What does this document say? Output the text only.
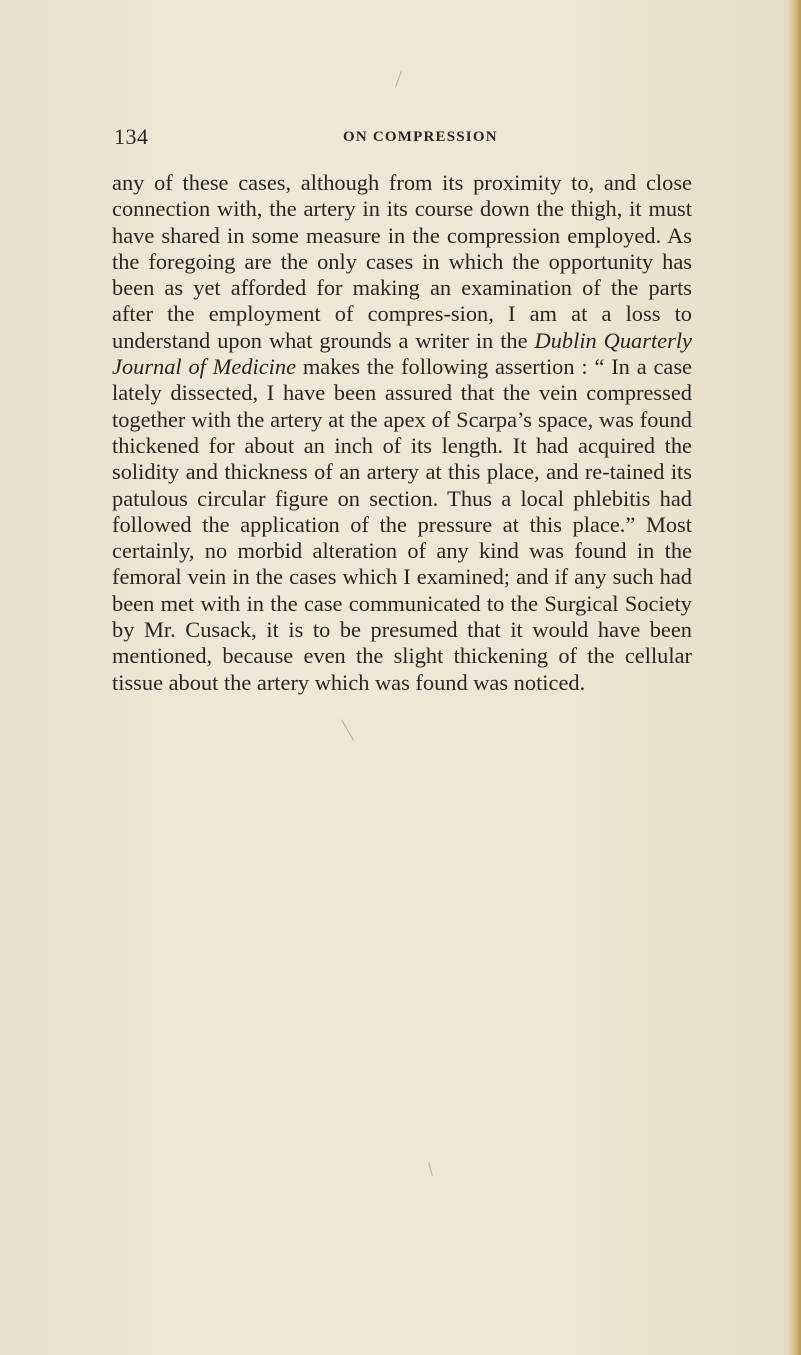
134	ON COMPRESSION

any of these cases, although from its proximity to, and close connection with, the artery in its course down the thigh, it must have shared in some measure in the compression employed. As the foregoing are the only cases in which the opportunity has been as yet afforded for making an examination of the parts after the employment of compres-sion, I am at a loss to understand upon what grounds a writer in the Dublin Quarterly Journal of Medicine makes the following assertion : “ In a case lately dissected, I have been assured that the vein compressed together with the artery at the apex of Scarpa’s space, was found thickened for about an inch of its length. It had acquired the solidity and thickness of an artery at this place, and re-tained its patulous circular figure on section. Thus a local phlebitis had followed the application of the pressure at this place.” Most certainly, no morbid alteration of any kind was found in the femoral vein in the cases which I examined; and if any such had been met with in the case communicated to the Surgical Society by Mr. Cusack, it is to be presumed that it would have been mentioned, because even the slight thickening of the cellular tissue about the artery which was found was noticed.
